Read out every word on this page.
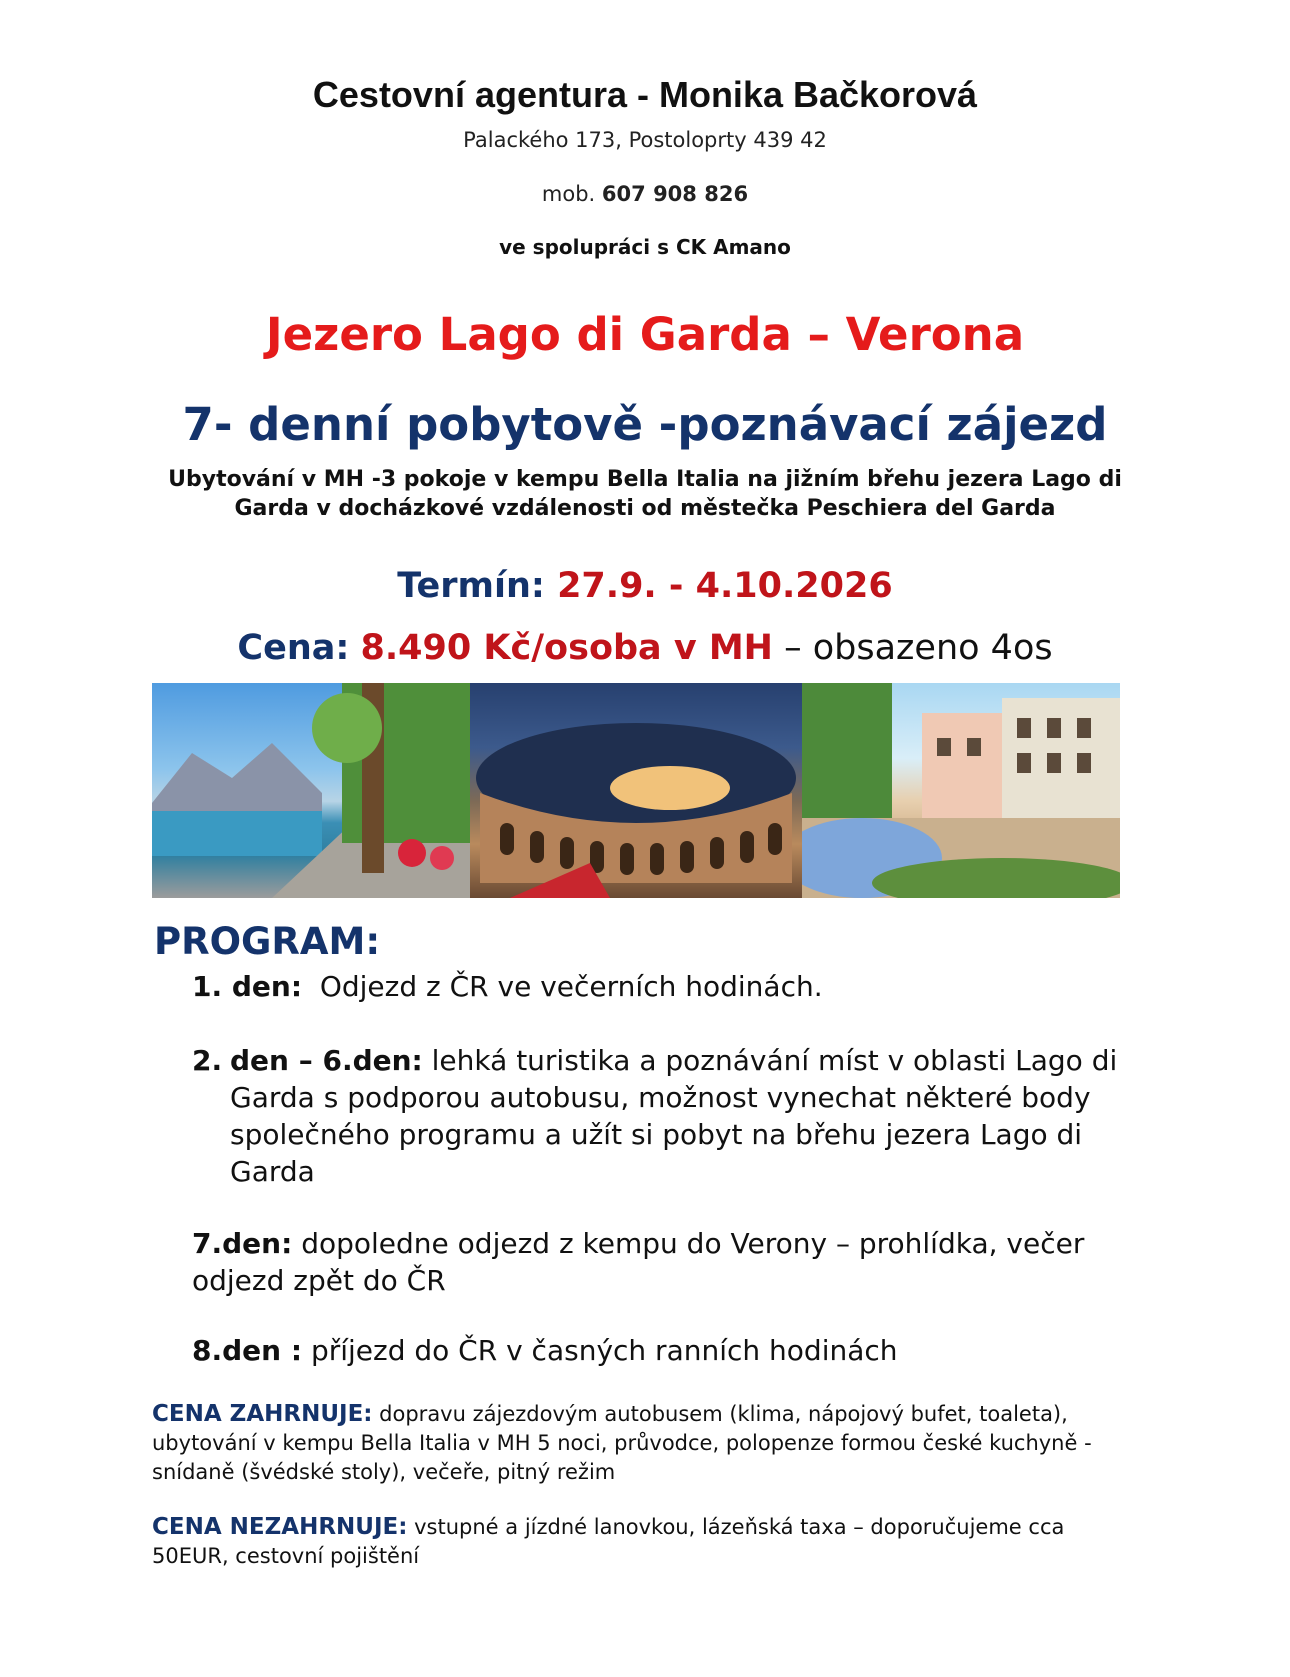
Cestovní agentura - Monika Bačkorová
Palackého 173, Postoloprty 439 42
mob. 607 908 826
ve spolupráci s CK Amano
Jezero Lago di Garda – Verona
7- denní pobytově -poznávací zájezd
Ubytování v MH -3 pokoje v kempu Bella Italia na jižním břehu jezera Lago di Garda v docházkové vzdálenosti od městečka Peschiera del Garda
Termín: 27.9. - 4.10.2026
Cena: 8.490 Kč/osoba v MH – obsazeno 4os
PROGRAM:
1. den: Odjezd z ČR ve večerních hodinách.
2. den – 6.den: lehká turistika a poznávání míst v oblasti Lago di Garda s podporou autobusu, možnost vynechat některé body společného programu a užít si pobyt na břehu jezera Lago di Garda
7.den: dopoledne odjezd z kempu do Verony – prohlídka, večer odjezd zpět do ČR
8.den : příjezd do ČR v časných ranních hodinách
CENA ZAHRNUJE: dopravu zájezdovým autobusem (klima, nápojový bufet, toaleta), ubytování v kempu Bella Italia v MH 5 noci, průvodce, polopenze formou české kuchyně - snídaně (švédské stoly), večeře, pitný režim
CENA NEZAHRNUJE: vstupné a jízdné lanovkou, lázeňská taxa – doporučujeme cca 50EUR, cestovní pojištění
